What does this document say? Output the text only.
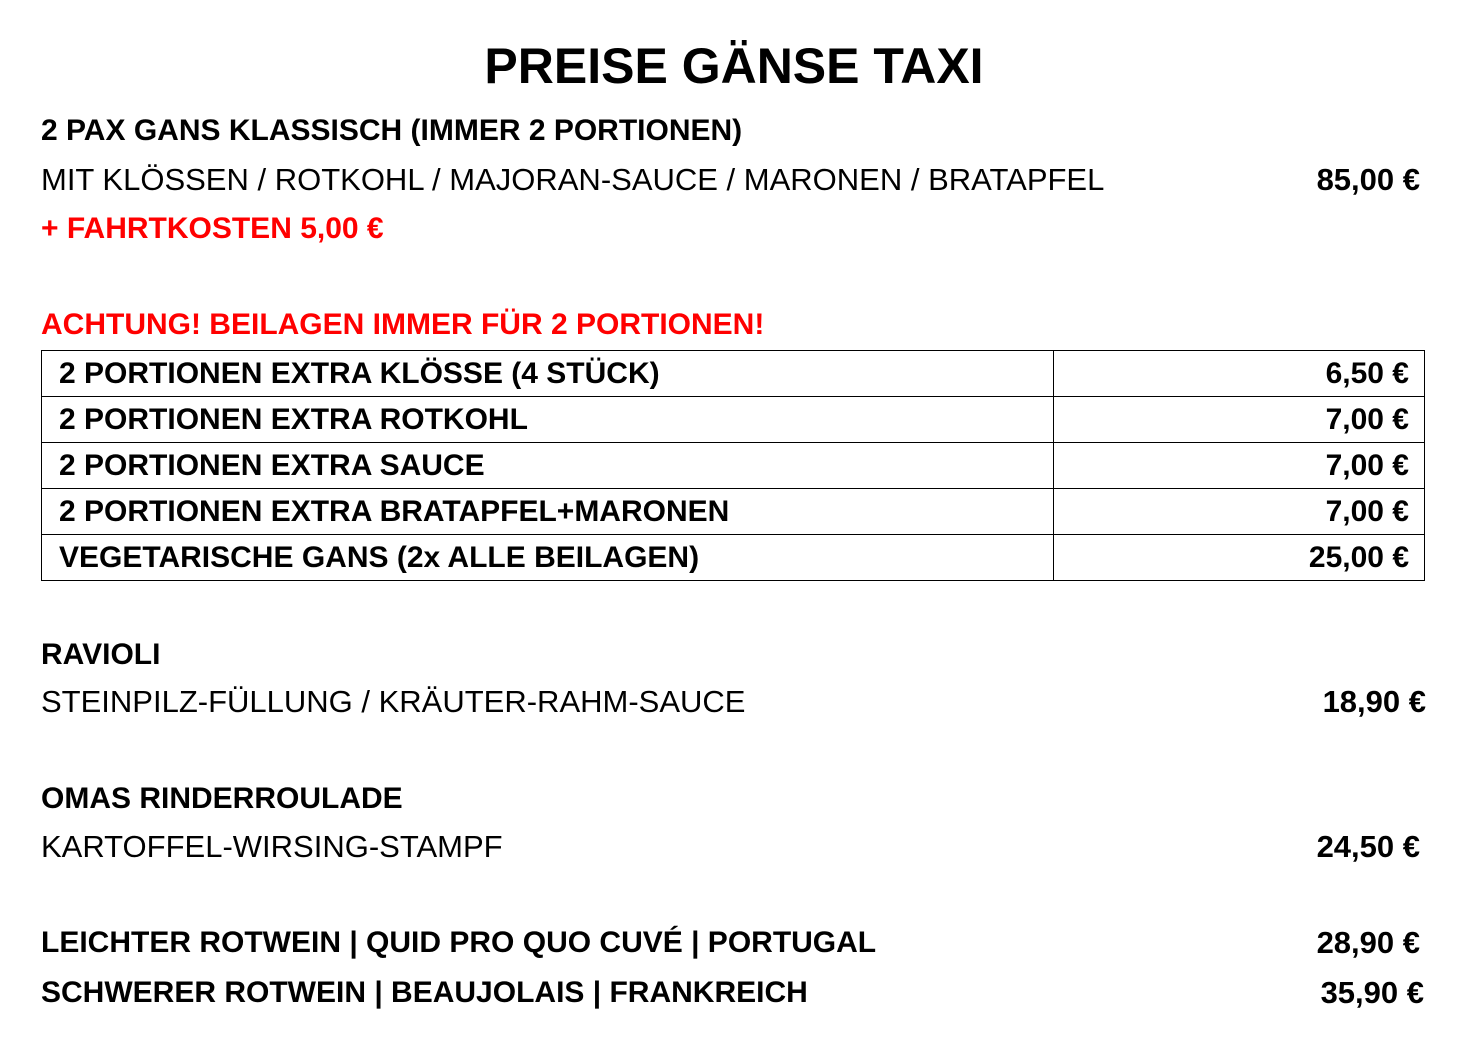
PREISE GÄNSE TAXI
2 PAX GANS KLASSISCH (IMMER 2 PORTIONEN)
MIT KLÖSSEN / ROTKOHL / MAJORAN-SAUCE / MARONEN / BRATAPFEL	85,00 €
+ FAHRTKOSTEN 5,00 €
ACHTUNG! BEILAGEN IMMER FÜR 2 PORTIONEN!
2 PORTIONEN EXTRA KLÖSSE (4 STÜCK)	6,50 €
2 PORTIONEN EXTRA ROTKOHL	7,00 €
2 PORTIONEN EXTRA SAUCE	7,00 €
2 PORTIONEN EXTRA BRATAPFEL+MARONEN	7,00 €
VEGETARISCHE GANS (2x ALLE BEILAGEN)	25,00 €
RAVIOLI
STEINPILZ-FÜLLUNG / KRÄUTER-RAHM-SAUCE	18,90 €
OMAS RINDERROULADE
KARTOFFEL-WIRSING-STAMPF	24,50 €
LEICHTER ROTWEIN | QUID PRO QUO CUVÉ | PORTUGAL	28,90 €
SCHWERER ROTWEIN | BEAUJOLAIS | FRANKREICH	35,90 €
